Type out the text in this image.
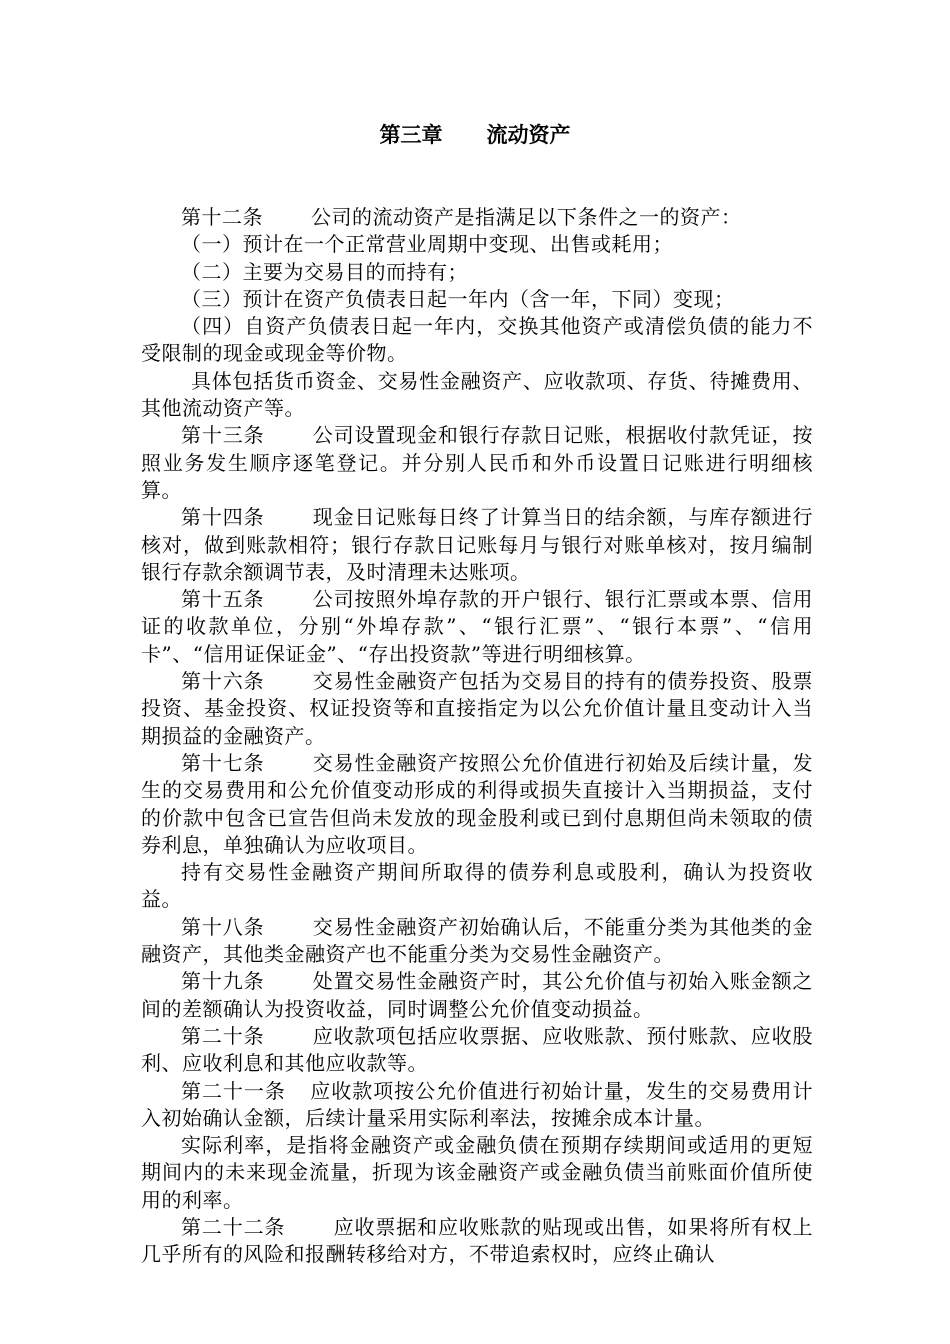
第三章 流动资产

第十二条 公司的流动资产是指满足以下条件之一的资产：

（一）预计在一个正常营业周期中变现、出售或耗用；

（二）主要为交易目的而持有；

（三）预计在资产负债表日起一年内（含一年，下同）变现；

（四）自资产负债表日起一年内，交换其他资产或清偿负债的能力不受限制的现金或现金等价物。

具体包括货币资金、交易性金融资产、应收款项、存货、待摊费用、其他流动资产等。

第十三条 公司设置现金和银行存款日记账，根据收付款凭证，按照业务发生顺序逐笔登记。并分别人民币和外币设置日记账进行明细核算。

第十四条 现金日记账每日终了计算当日的结余额，与库存额进行核对，做到账款相符；银行存款日记账每月与银行对账单核对，按月编制银行存款余额调节表，及时清理未达账项。

第十五条 公司按照外埠存款的开户银行、银行汇票或本票、信用证的收款单位，分别“外埠存款”、“银行汇票”、“银行本票”、“信用卡”、“信用证保证金”、“存出投资款”等进行明细核算。

第十六条 交易性金融资产包括为交易目的持有的债券投资、股票投资、基金投资、权证投资等和直接指定为以公允价值计量且变动计入当期损益的金融资产。

第十七条 交易性金融资产按照公允价值进行初始及后续计量，发生的交易费用和公允价值变动形成的利得或损失直接计入当期损益，支付的价款中包含已宣告但尚未发放的现金股利或已到付息期但尚未领取的债券利息，单独确认为应收项目。

持有交易性金融资产期间所取得的债券利息或股利，确认为投资收益。

第十八条 交易性金融资产初始确认后，不能重分类为其他类的金融资产，其他类金融资产也不能重分类为交易性金融资产。

第十九条 处置交易性金融资产时，其公允价值与初始入账金额之间的差额确认为投资收益，同时调整公允价值变动损益。

第二十条 应收款项包括应收票据、应收账款、预付账款、应收股利、应收利息和其他应收款等。

第二十一条 应收款项按公允价值进行初始计量，发生的交易费用计入初始确认金额，后续计量采用实际利率法，按摊余成本计量。

实际利率，是指将金融资产或金融负债在预期存续期间或适用的更短期间内的未来现金流量，折现为该金融资产或金融负债当前账面价值所使用的利率。

第二十二条 应收票据和应收账款的贴现或出售，如果将所有权上几乎所有的风险和报酬转移给对方，不带追索权时，应终止确认
